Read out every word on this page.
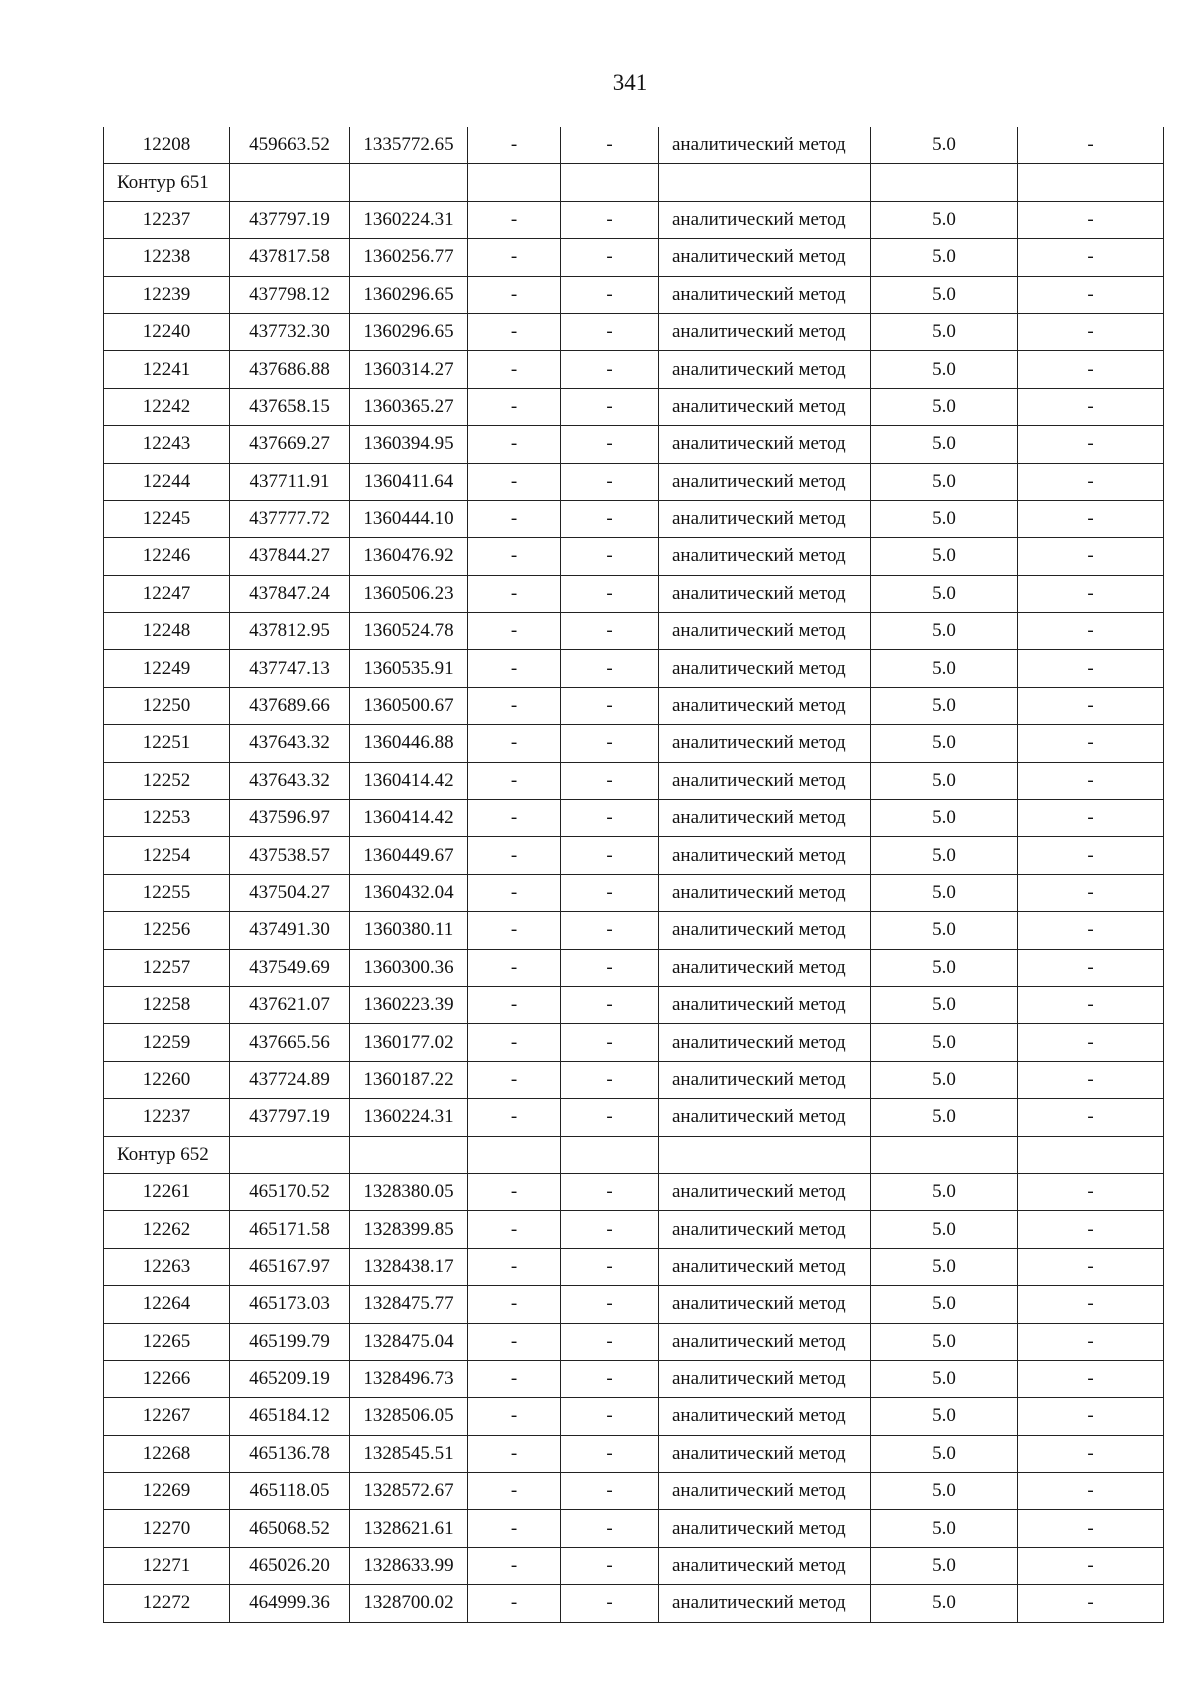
341
12208	459663.52	1335772.65	-	-	аналитический метод	5.0	-
Контур 651							
12237	437797.19	1360224.31	-	-	аналитический метод	5.0	-
12238	437817.58	1360256.77	-	-	аналитический метод	5.0	-
12239	437798.12	1360296.65	-	-	аналитический метод	5.0	-
12240	437732.30	1360296.65	-	-	аналитический метод	5.0	-
12241	437686.88	1360314.27	-	-	аналитический метод	5.0	-
12242	437658.15	1360365.27	-	-	аналитический метод	5.0	-
12243	437669.27	1360394.95	-	-	аналитический метод	5.0	-
12244	437711.91	1360411.64	-	-	аналитический метод	5.0	-
12245	437777.72	1360444.10	-	-	аналитический метод	5.0	-
12246	437844.27	1360476.92	-	-	аналитический метод	5.0	-
12247	437847.24	1360506.23	-	-	аналитический метод	5.0	-
12248	437812.95	1360524.78	-	-	аналитический метод	5.0	-
12249	437747.13	1360535.91	-	-	аналитический метод	5.0	-
12250	437689.66	1360500.67	-	-	аналитический метод	5.0	-
12251	437643.32	1360446.88	-	-	аналитический метод	5.0	-
12252	437643.32	1360414.42	-	-	аналитический метод	5.0	-
12253	437596.97	1360414.42	-	-	аналитический метод	5.0	-
12254	437538.57	1360449.67	-	-	аналитический метод	5.0	-
12255	437504.27	1360432.04	-	-	аналитический метод	5.0	-
12256	437491.30	1360380.11	-	-	аналитический метод	5.0	-
12257	437549.69	1360300.36	-	-	аналитический метод	5.0	-
12258	437621.07	1360223.39	-	-	аналитический метод	5.0	-
12259	437665.56	1360177.02	-	-	аналитический метод	5.0	-
12260	437724.89	1360187.22	-	-	аналитический метод	5.0	-
12237	437797.19	1360224.31	-	-	аналитический метод	5.0	-
Контур 652							
12261	465170.52	1328380.05	-	-	аналитический метод	5.0	-
12262	465171.58	1328399.85	-	-	аналитический метод	5.0	-
12263	465167.97	1328438.17	-	-	аналитический метод	5.0	-
12264	465173.03	1328475.77	-	-	аналитический метод	5.0	-
12265	465199.79	1328475.04	-	-	аналитический метод	5.0	-
12266	465209.19	1328496.73	-	-	аналитический метод	5.0	-
12267	465184.12	1328506.05	-	-	аналитический метод	5.0	-
12268	465136.78	1328545.51	-	-	аналитический метод	5.0	-
12269	465118.05	1328572.67	-	-	аналитический метод	5.0	-
12270	465068.52	1328621.61	-	-	аналитический метод	5.0	-
12271	465026.20	1328633.99	-	-	аналитический метод	5.0	-
12272	464999.36	1328700.02	-	-	аналитический метод	5.0	-
